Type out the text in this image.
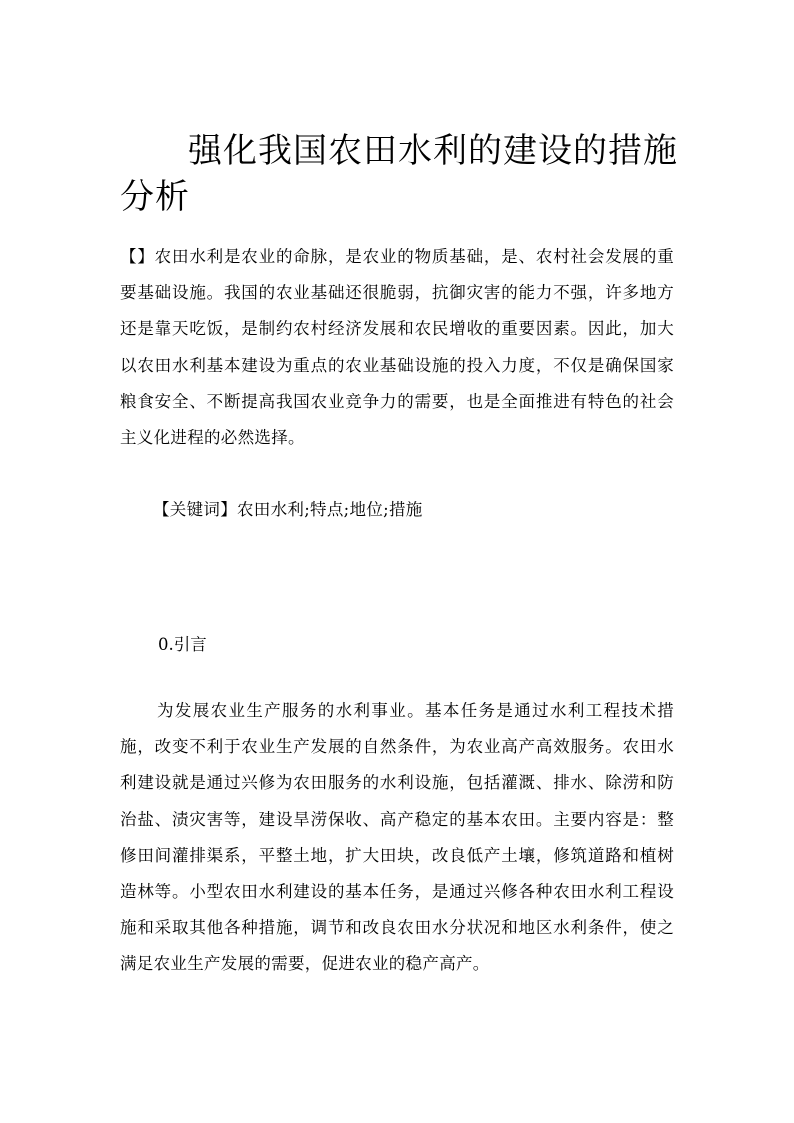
强化我国农田水利的建设的措施分析

【】农田水利是农业的命脉，是农业的物质基础，是、农村社会发展的重要基础设施。我国的农业基础还很脆弱，抗御灾害的能力不强，许多地方还是靠天吃饭，是制约农村经济发展和农民增收的重要因素。因此，加大以农田水利基本建设为重点的农业基础设施的投入力度，不仅是确保国家粮食安全、不断提高我国农业竞争力的需要，也是全面推进有特色的社会主义化进程的必然选择。

【关键词】农田水利;特点;地位;措施

0.引言

为发展农业生产服务的水利事业。基本任务是通过水利工程技术措施，改变不利于农业生产发展的自然条件，为农业高产高效服务。农田水利建设就是通过兴修为农田服务的水利设施，包括灌溉、排水、除涝和防治盐、渍灾害等，建设旱涝保收、高产稳定的基本农田。主要内容是：整修田间灌排渠系，平整土地，扩大田块，改良低产土壤，修筑道路和植树造林等。小型农田水利建设的基本任务，是通过兴修各种农田水利工程设施和采取其他各种措施，调节和改良农田水分状况和地区水利条件，使之满足农业生产发展的需要，促进农业的稳产高产。
